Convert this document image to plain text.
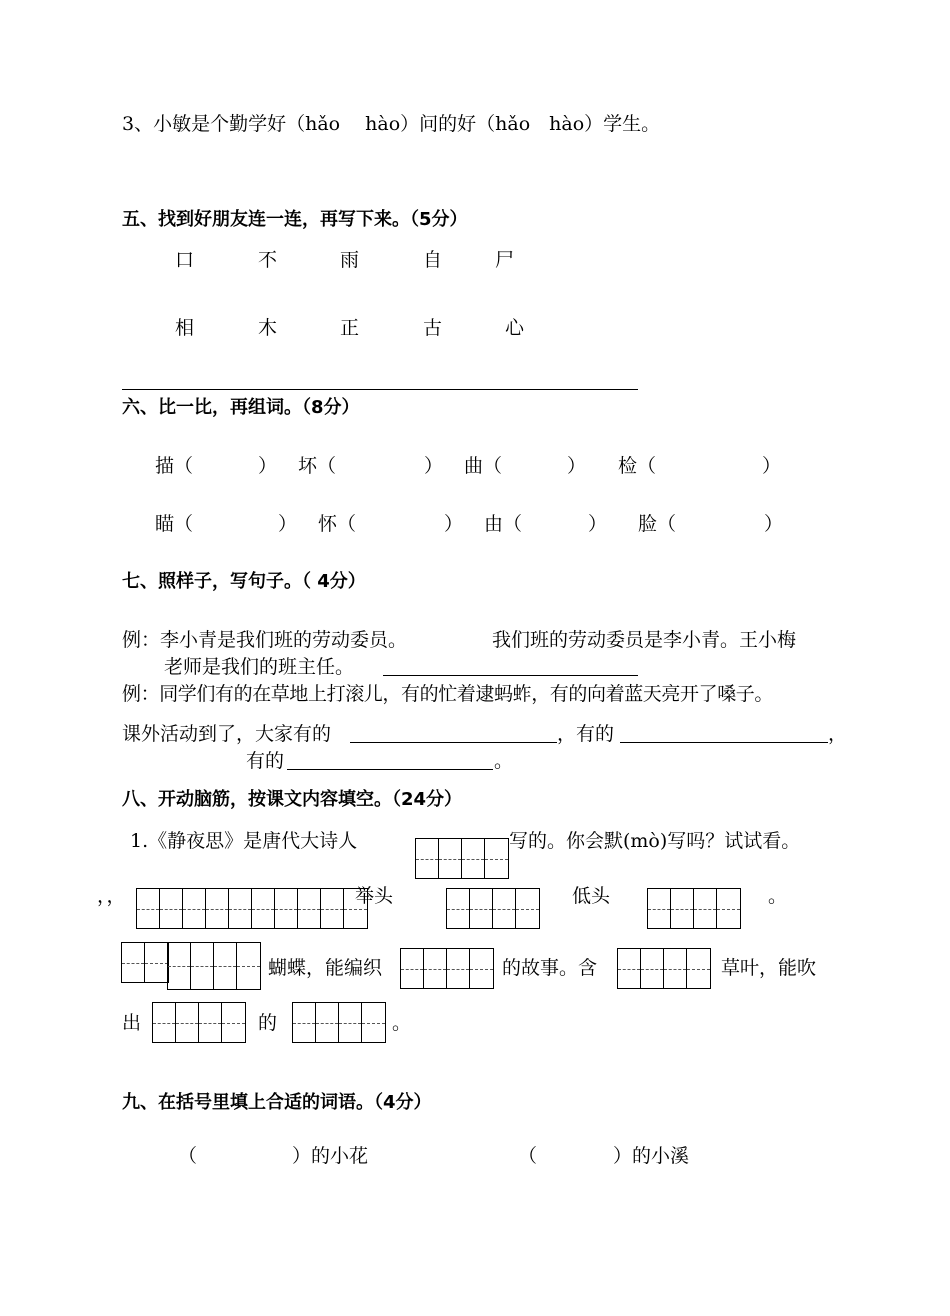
3、小敏是个勤学好（hǎo　 hào）问的好（hǎo　hào）学生。
五、找到好朋友连一连，再写下来。（5分）
口	不	雨	自	尸
相	木	正	古	心
六、比一比，再组词。（8分）
描（	） 坏（	） 曲（	） 检（	）
瞄（	） 怀（	） 由（	） 脸（	）
七、照样子，写句子。（ 4分）
例：李小青是我们班的劳动委员。	我们班的劳动委员是李小青。王小梅
老师是我们的班主任。
例：同学们有的在草地上打滚儿，有的忙着逮蚂蚱，有的向着蓝天亮开了嗓子。
课外活动到了，大家有的	，有的	，
有的	。
八、开动脑筋，按课文内容填空。（24分）
1.《静夜思》是唐代大诗人	写的。你会默(mò)写吗？试试看。
，，	举头	低头	。
蝴蝶，能编织	的故事。含	草叶，能吹
出	的	。
九、在括号里填上合适的词语。（4分）
（　　　　　）的小花	（　　　　）的小溪
